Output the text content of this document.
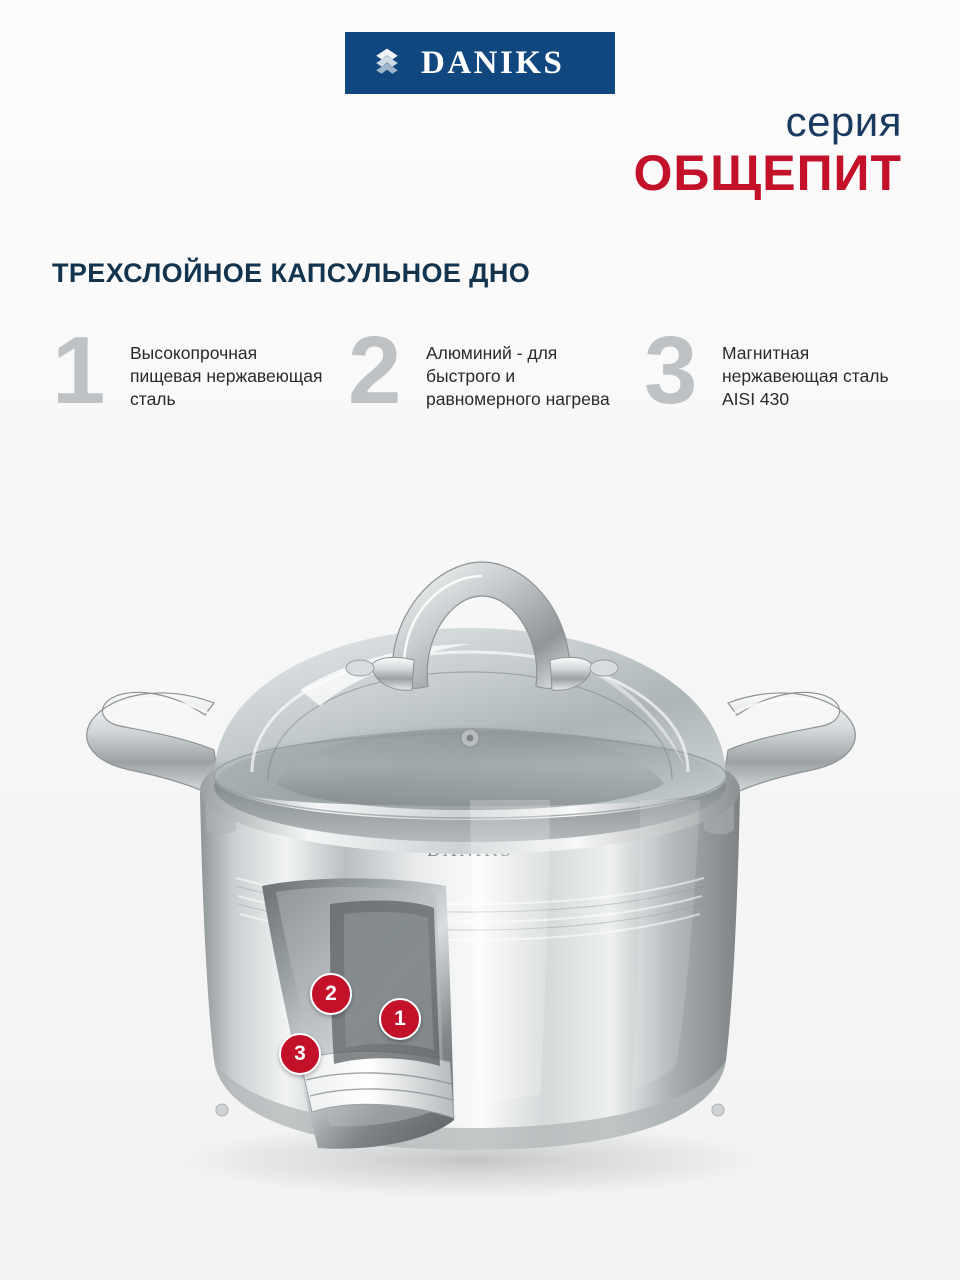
DANIKS
серия
ОБЩЕПИТ
ТРЕХСЛОЙНОЕ КАПСУЛЬНОЕ ДНО
1	Высокопрочная пищевая нержавеющая сталь	2	Алюминий - для быстрого и равномерного нагрева 3	Магнитная нержавеющая сталь AISI 430
1
2
3
